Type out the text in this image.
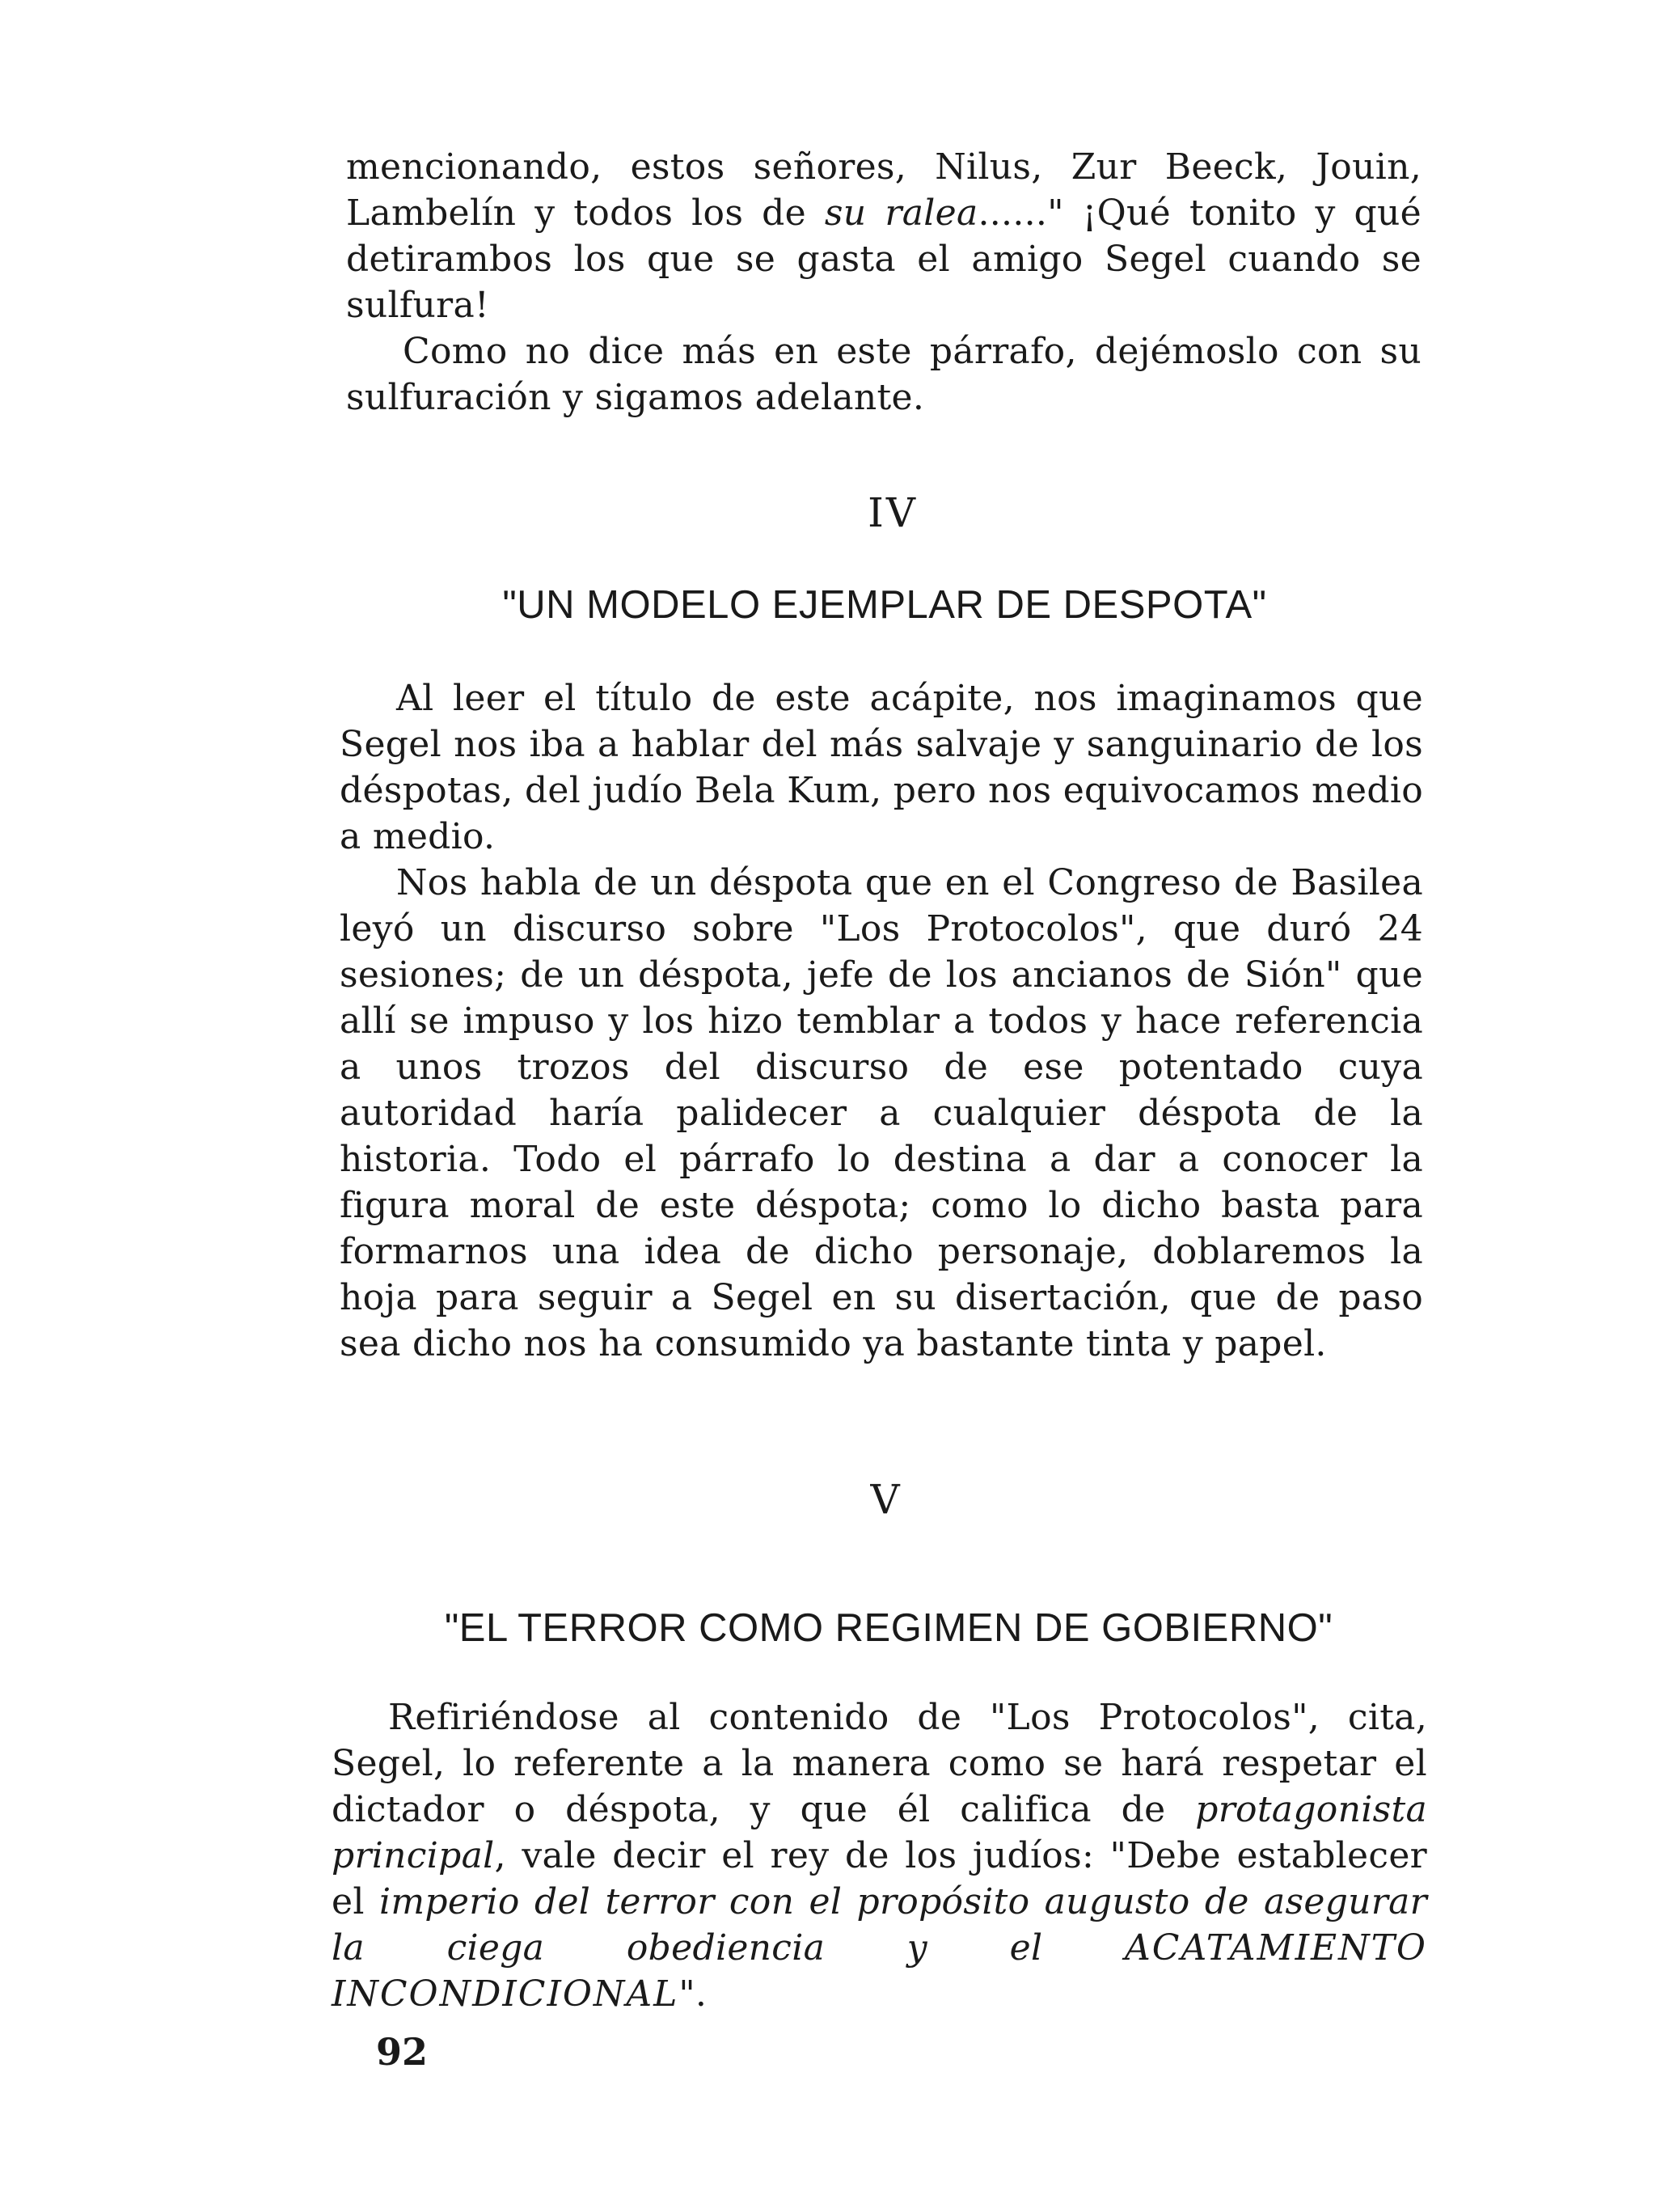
mencionando, estos señores, Nilus, Zur Beeck, Jouin, Lambelín y todos los de su ralea......" ¡Qué tonito y qué detirambos los que se gasta el amigo Segel cuando se sulfura!

Como no dice más en este párrafo, dejémoslo con su sulfuración y sigamos adelante.

IV

"UN MODELO EJEMPLAR DE DESPOTA"

Al leer el título de este acápite, nos imaginamos que Segel nos iba a hablar del más salvaje y sanguinario de los déspotas, del judío Bela Kum, pero nos equivocamos medio a medio.

Nos habla de un déspota que en el Congreso de Basilea leyó un discurso sobre "Los Protocolos", que duró 24 sesiones; de un déspota, jefe de los ancianos de Sión" que allí se impuso y los hizo temblar a todos y hace referencia a unos trozos del discurso de ese potentado cuya autoridad haría palidecer a cualquier déspota de la historia. Todo el párrafo lo destina a dar a conocer la figura moral de este déspota; como lo dicho basta para formarnos una idea de dicho personaje, doblaremos la hoja para seguir a Segel en su disertación, que de paso sea dicho nos ha consumido ya bastante tinta y papel.

V

"EL TERROR COMO REGIMEN DE GOBIERNO"

Refiriéndose al contenido de "Los Protocolos", cita, Segel, lo referente a la manera como se hará respetar el dictador o déspota, y que él califica de protagonista principal, vale decir el rey de los judíos: "Debe establecer el imperio del terror con el propósito augusto de asegurar la ciega obediencia y el ACATAMIENTO INCONDICIONAL".

92
